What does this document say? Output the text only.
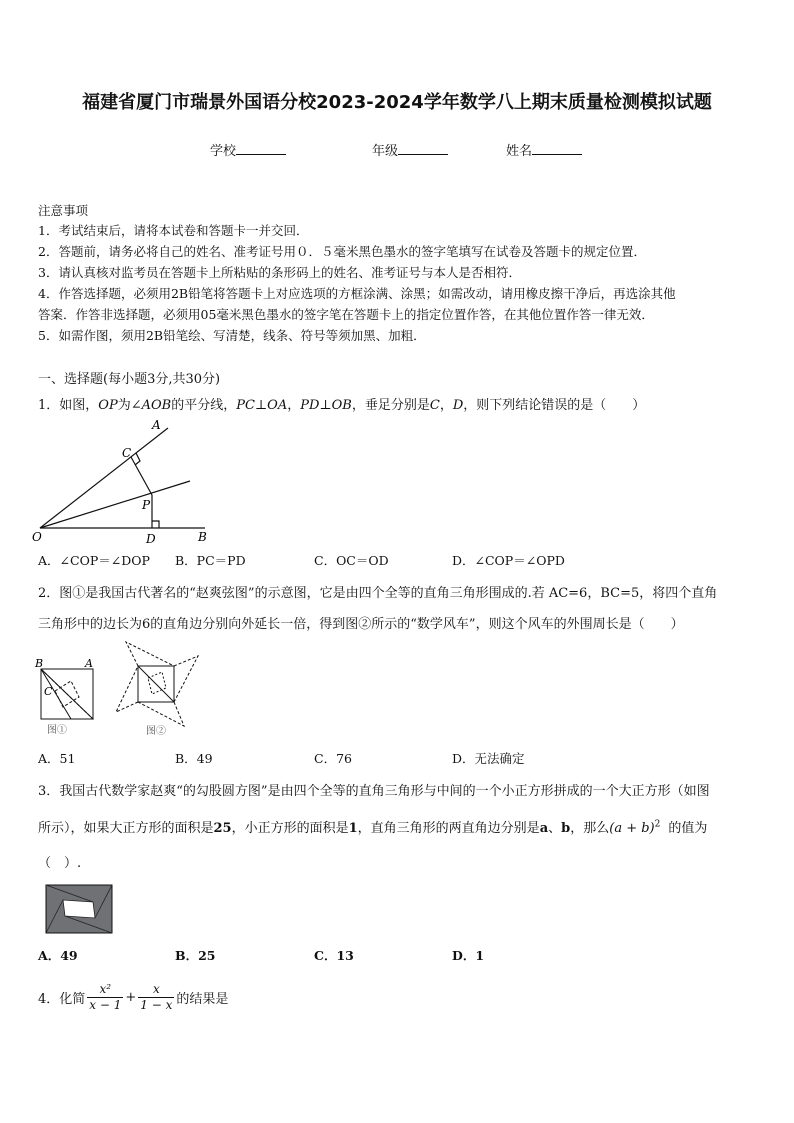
福建省厦门市瑞景外国语分校2023-2024学年数学八上期末质量检测模拟试题
学校	年级	姓名
注意事项
1．考试结束后，请将本试卷和答题卡一并交回．
2．答题前，请务必将自己的姓名、准考证号用０．５毫米黑色墨水的签字笔填写在试卷及答题卡的规定位置．
3．请认真核对监考员在答题卡上所粘贴的条形码上的姓名、准考证号与本人是否相符．
4．作答选择题，必须用2B铅笔将答题卡上对应选项的方框涂满、涂黑；如需改动，请用橡皮擦干净后，再选涂其他
答案．作答非选择题，必须用05毫米黑色墨水的签字笔在答题卡上的指定位置作答，在其他位置作答一律无效．
5．如需作图，须用2B铅笔绘、写清楚，线条、符号等须加黑、加粗．
一、选择题(每小题3分,共30分)
1．如图，OP为∠AOB的平分线，PC⊥OA，PD⊥OB，垂足分别是C，D，则下列结论错误的是（　　）
A
C
P
O	D	B
A．∠COP＝∠DOP B．PC＝PD	C．OC＝OD	D．∠COP＝∠OPD
2．图①是我国古代著名的“赵爽弦图”的示意图，它是由四个全等的直角三角形围成的.若 AC=6，BC=5，将四个直角
三角形中的边长为6的直角边分别向外延长一倍，得到图②所示的“数学风车”，则这个风车的外围周长是（　　）
B	A
C
图①	图②
A．51	B．49	C．76	D．无法确定
3．我国古代数学家赵爽“的勾股圆方图”是由四个全等的直角三角形与中间的一个小正方形拼成的一个大正方形（如图
所示），如果大正方形的面积是25，小正方形的面积是1，直角三角形的两直角边分别是a、b，那么$(a + b)^2$ 的值为
（　）.
A．49	B．25	C．13	D．1
4．化简 $\frac{\text{x²}}{x - 1} + \frac{x}{1 - x}$ 的结果是
